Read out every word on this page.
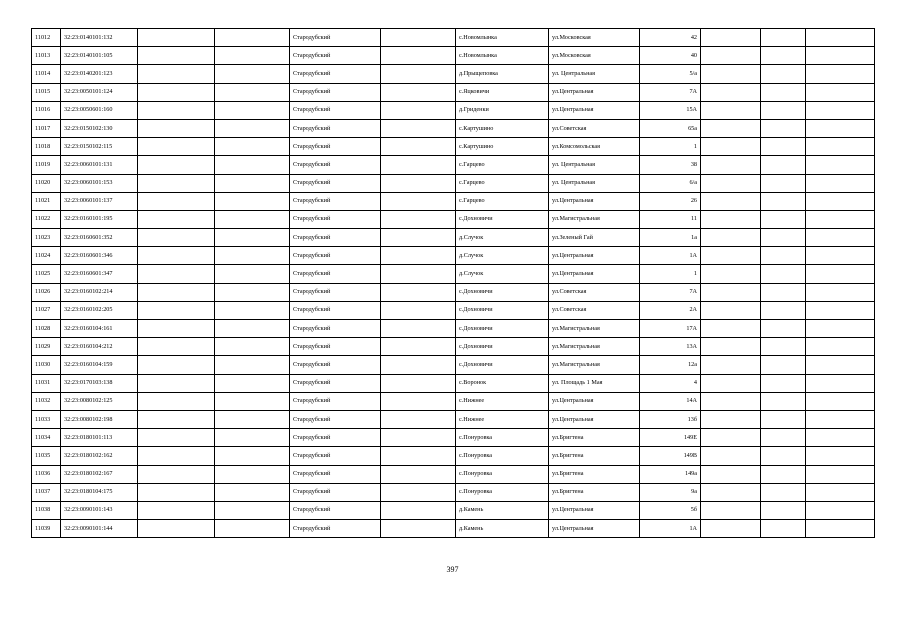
11012	32:23:0140101:132			Стародубский		с.Новомлынка	ул.Московская	42			
11013	32:23:0140101:105			Стародубский		с.Новомлынка	ул.Московская	40			
11014	32:23:0140201:123			Стародубский		д.Прыщеповка	ул. Центральная	5/а			
11015	32:23:0050101:124			Стародубский		с.Яцковичи	ул.Центральная	7А			
11016	32:23:0050601:160			Стародубский		д.Гриденки	ул.Центральная	15А			
11017	32:23:0150102:130			Стародубский		с.Картушино	ул.Советская	65а			
11018	32:23:0150102:115			Стародубский		с.Картушино	ул.Комсомольская	1			
11019	32:23:0060101:131			Стародубский		с.Гарцево	ул. Центральная	38			
11020	32:23:0060101:153			Стародубский		с.Гарцево	ул. Центральная	6/а			
11021	32:23:0060101:137			Стародубский		с.Гарцево	ул.Центральная	26			
11022	32:23:0160101:195			Стародубский		с.Дохновичи	ул.Магистральная	11			
11023	32:23:0160601:352			Стародубский		д.Случок	ул.Зеленый Гай	1а			
11024	32:23:0160601:346			Стародубский		д.Случок	ул.Центральная	1А			
11025	32:23:0160601:347			Стародубский		д.Случок	ул.Центральная	1			
11026	32:23:0160102:214			Стародубский		с.Дохновичи	ул.Советская	7А			
11027	32:23:0160102:205			Стародубский		с.Дохновичи	ул.Советская	2А			
11028	32:23:0160104:161			Стародубский		с.Дохновичи	ул.Магистральная	17А			
11029	32:23:0160104:212			Стародубский		с.Дохновичи	ул.Магистральная	13А			
11030	32:23:0160104:159			Стародубский		с.Дохновичи	ул.Магистральная	12а			
11031	32:23:0170103:138			Стародубский		с.Воронок	ул. Площадь 1 Мая	4			
11032	32:23:0080102:125			Стародубский		с.Нижнее	ул.Центральная	14А			
11033	32:23:0080102:198			Стародубский		с.Нижнее	ул.Центральная	13б			
11034	32:23:0180101:113			Стародубский		с.Понуровка	ул.Бригтена	149Е			
11035	32:23:0180102:162			Стародубский		с.Понуровка	ул.Бригтена	149В			
11036	32:23:0180102:167			Стародубский		с.Понуровка	ул.Бригтена	149а			
11037	32:23:0180104:175			Стародубский		с.Понуровка	ул.Бригтена	9а			
11038	32:23:0090101:143			Стародубский		д.Камень	ул.Центральная	5б			
11039	32:23:0090101:144			Стародубский		д.Камень	ул.Центральная	1А			
397
